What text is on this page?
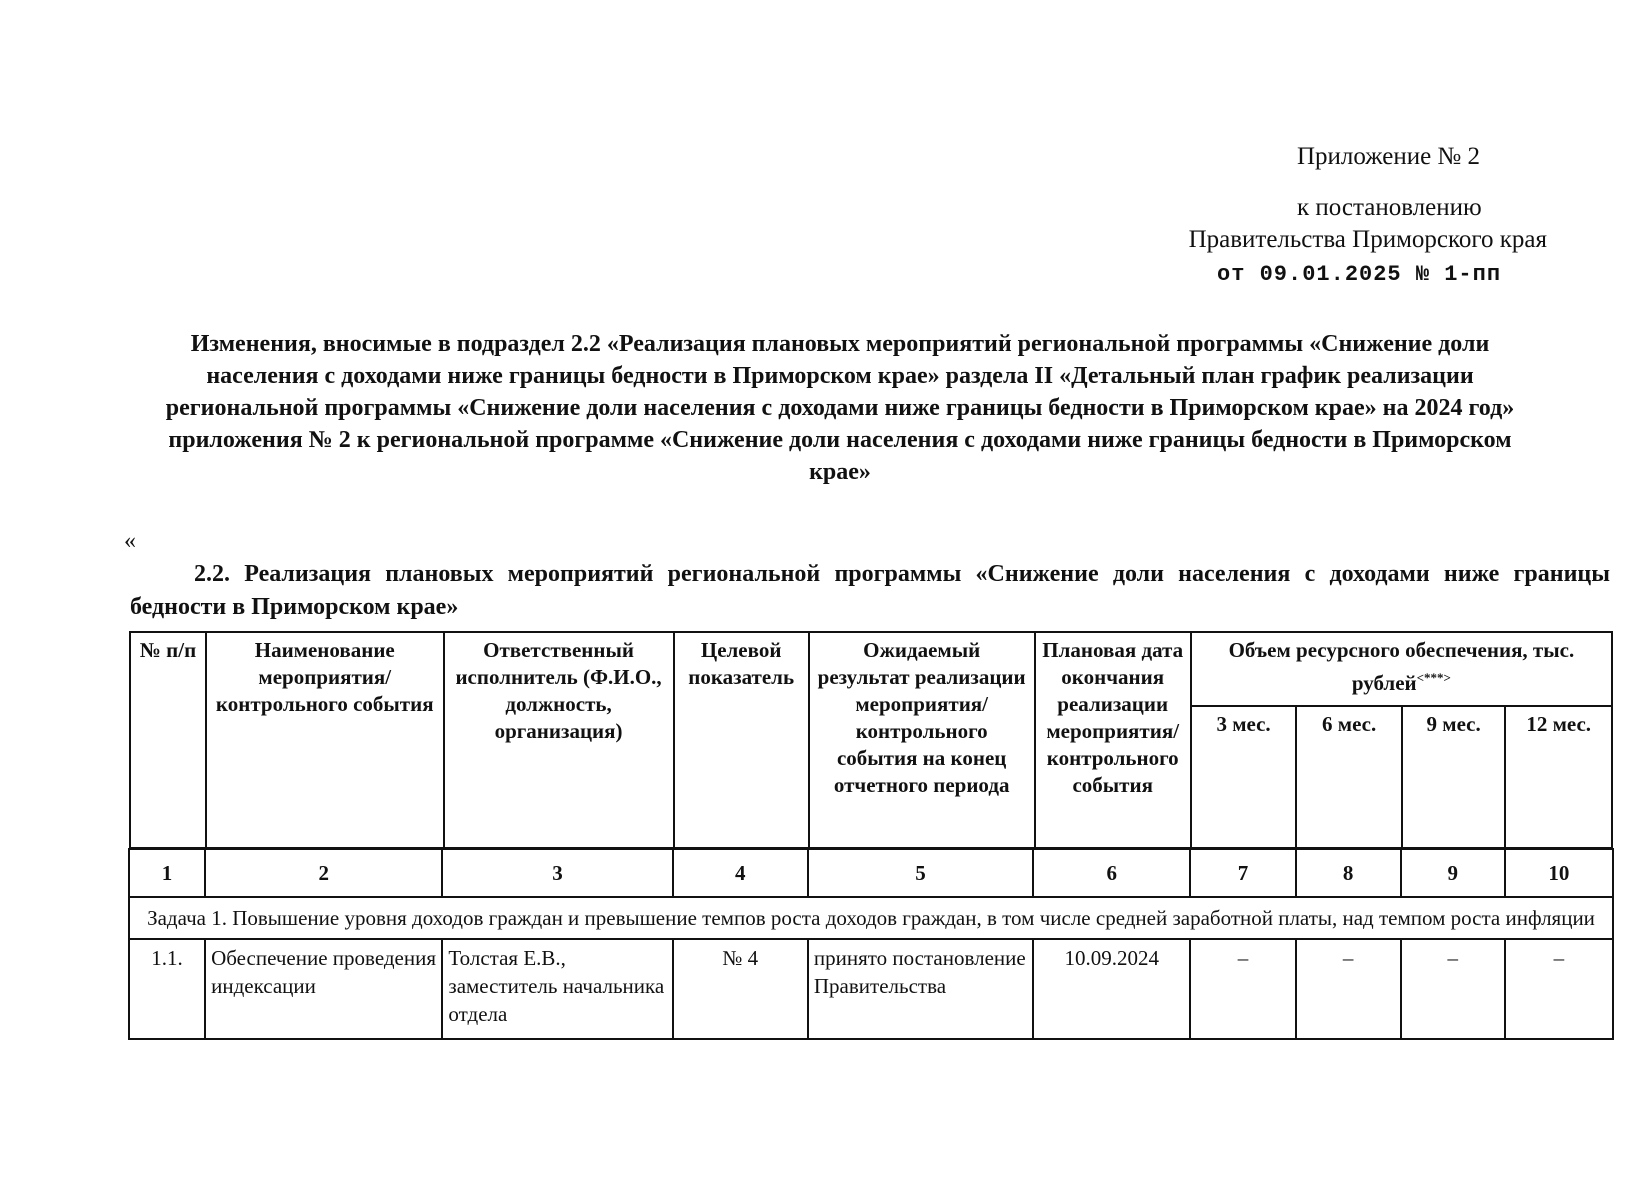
Приложение № 2
к постановлению
Правительства Приморского края
от 09.01.2025 № 1-пп
Изменения, вносимые в подраздел 2.2 «Реализация плановых мероприятий региональной программы «Снижение доли населения с доходами ниже границы бедности в Приморском крае» раздела II «Детальный план график реализации региональной программы «Снижение доли населения с доходами ниже границы бедности в Приморском крае» на 2024 год» приложения № 2 к региональной программе «Снижение доли населения с доходами ниже границы бедности в Приморском крае»
«
2.2. Реализация плановых мероприятий региональной программы «Снижение доли населения с доходами ниже границы бедности в Приморском крае»
№ п/п	Наименование мероприятия/ контрольного события	Ответственный исполнитель (Ф.И.О., должность, организация)	Целевой показатель	Ожидаемый результат реализации мероприятия/ контрольного события на конец отчетного периода	Плановая дата окончания реализации мероприятия/ контрольного события	Объем ресурсного обеспечения, тыс. рублей<***>
						3 мес.	6 мес.	9 мес.	12 мес.
1	2	3	4	5	6	7	8	9	10
Задача 1. Повышение уровня доходов граждан и превышение темпов роста доходов граждан, в том числе средней заработной платы, над темпом роста инфляции									
1.1.	Обеспечение проведения индексации	Толстая Е.В., заместитель начальника отдела	№ 4	принято постановление Правительства	10.09.2024	–	–	–	–
